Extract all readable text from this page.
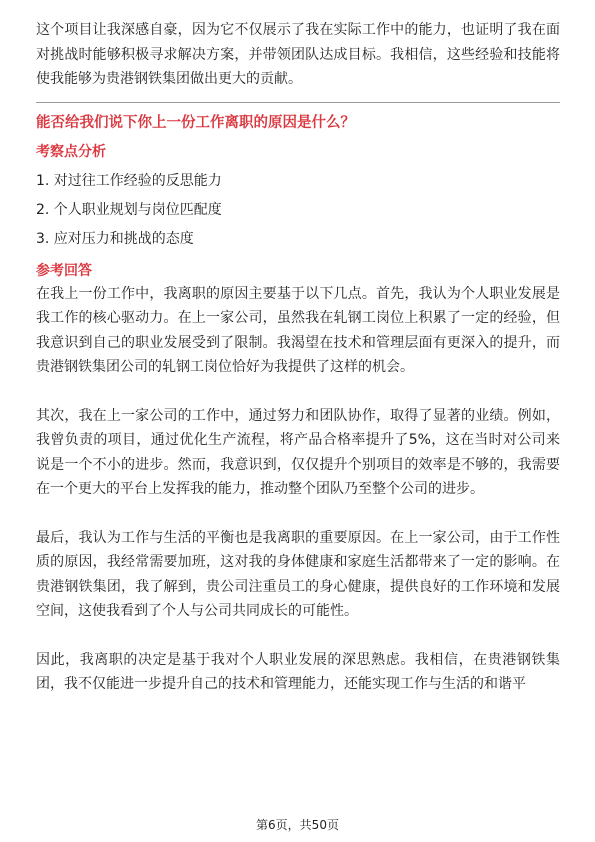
这个项目让我深感自豪，因为它不仅展示了我在实际工作中的能力，也证明了我在面对挑战时能够积极寻求解决方案，并带领团队达成目标。我相信，这些经验和技能将使我能够为贵港钢铁集团做出更大的贡献。

能否给我们说下你上一份工作离职的原因是什么？

考察点分析

1. 对过往工作经验的反思能力
2. 个人职业规划与岗位匹配度
3. 应对压力和挑战的态度

参考回答

在我上一份工作中，我离职的原因主要基于以下几点。首先，我认为个人职业发展是我工作的核心驱动力。在上一家公司，虽然我在轧钢工岗位上积累了一定的经验，但我意识到自己的职业发展受到了限制。我渴望在技术和管理层面有更深入的提升，而贵港钢铁集团公司的轧钢工岗位恰好为我提供了这样的机会。

其次，我在上一家公司的工作中，通过努力和团队协作，取得了显著的业绩。例如，我曾负责的项目，通过优化生产流程，将产品合格率提升了5%，这在当时对公司来说是一个不小的进步。然而，我意识到，仅仅提升个别项目的效率是不够的，我需要在一个更大的平台上发挥我的能力，推动整个团队乃至整个公司的进步。

最后，我认为工作与生活的平衡也是我离职的重要原因。在上一家公司，由于工作性质的原因，我经常需要加班，这对我的身体健康和家庭生活都带来了一定的影响。在贵港钢铁集团，我了解到，贵公司注重员工的身心健康，提供良好的工作环境和发展空间，这使我看到了个人与公司共同成长的可能性。

因此，我离职的决定是基于我对个人职业发展的深思熟虑。我相信，在贵港钢铁集团，我不仅能进一步提升自己的技术和管理能力，还能实现工作与生活的和谐平

第6页，共50页
